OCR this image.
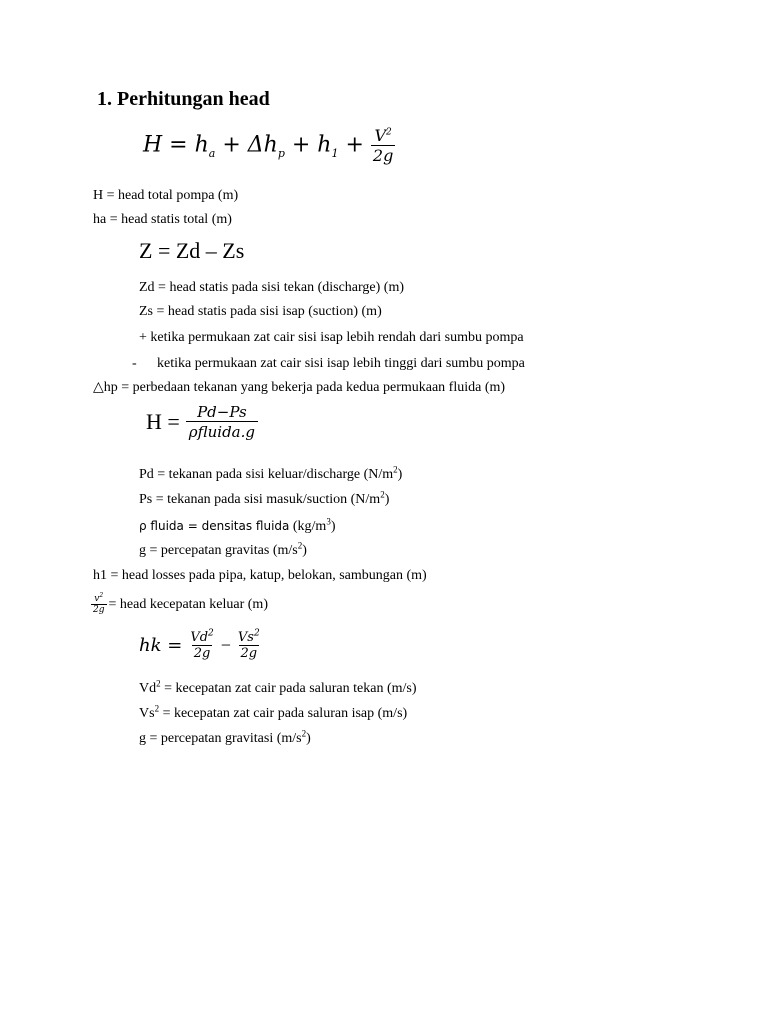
1. Perhitungan head
$H = h_a + \Delta h_p + h_1 + \frac{V^2}{2g}$
H = head total pompa (m)
ha = head statis total (m)
Z = Zd – Zs
Zd = head statis pada sisi tekan (discharge) (m)
Zs = head statis pada sisi isap (suction) (m)
+ ketika permukaan zat cair sisi isap lebih rendah dari sumbu pompa
- ketika permukaan zat cair sisi isap lebih tinggi dari sumbu pompa
△hp = perbedaan tekanan yang bekerja pada kedua permukaan fluida (m)
$H = \frac{Pd-Ps}{\text{ρfluida.g}}$
Pd = tekanan pada sisi keluar/discharge $(N/m^2)$
Ps = tekanan pada sisi masuk/suction $(N/m^2)$
ρ fluida = densitas fluida $(kg/m^3)$
g = percepatan gravitas $(m/s^2)$
h1 = head losses pada pipa, katup, belokan, sambungan (m)
$\frac{v^2}{2g}$ = head kecepatan keluar (m)
hk = $\frac{Vd^2}{2g} - \frac{Vs^2}{2g}$
$Vd^2$ = kecepatan zat cair pada saluran tekan (m/s)
$Vs^2$ = kecepatan zat cair pada saluran isap (m/s)
g = percepatan gravitasi $(m/s^2)$
